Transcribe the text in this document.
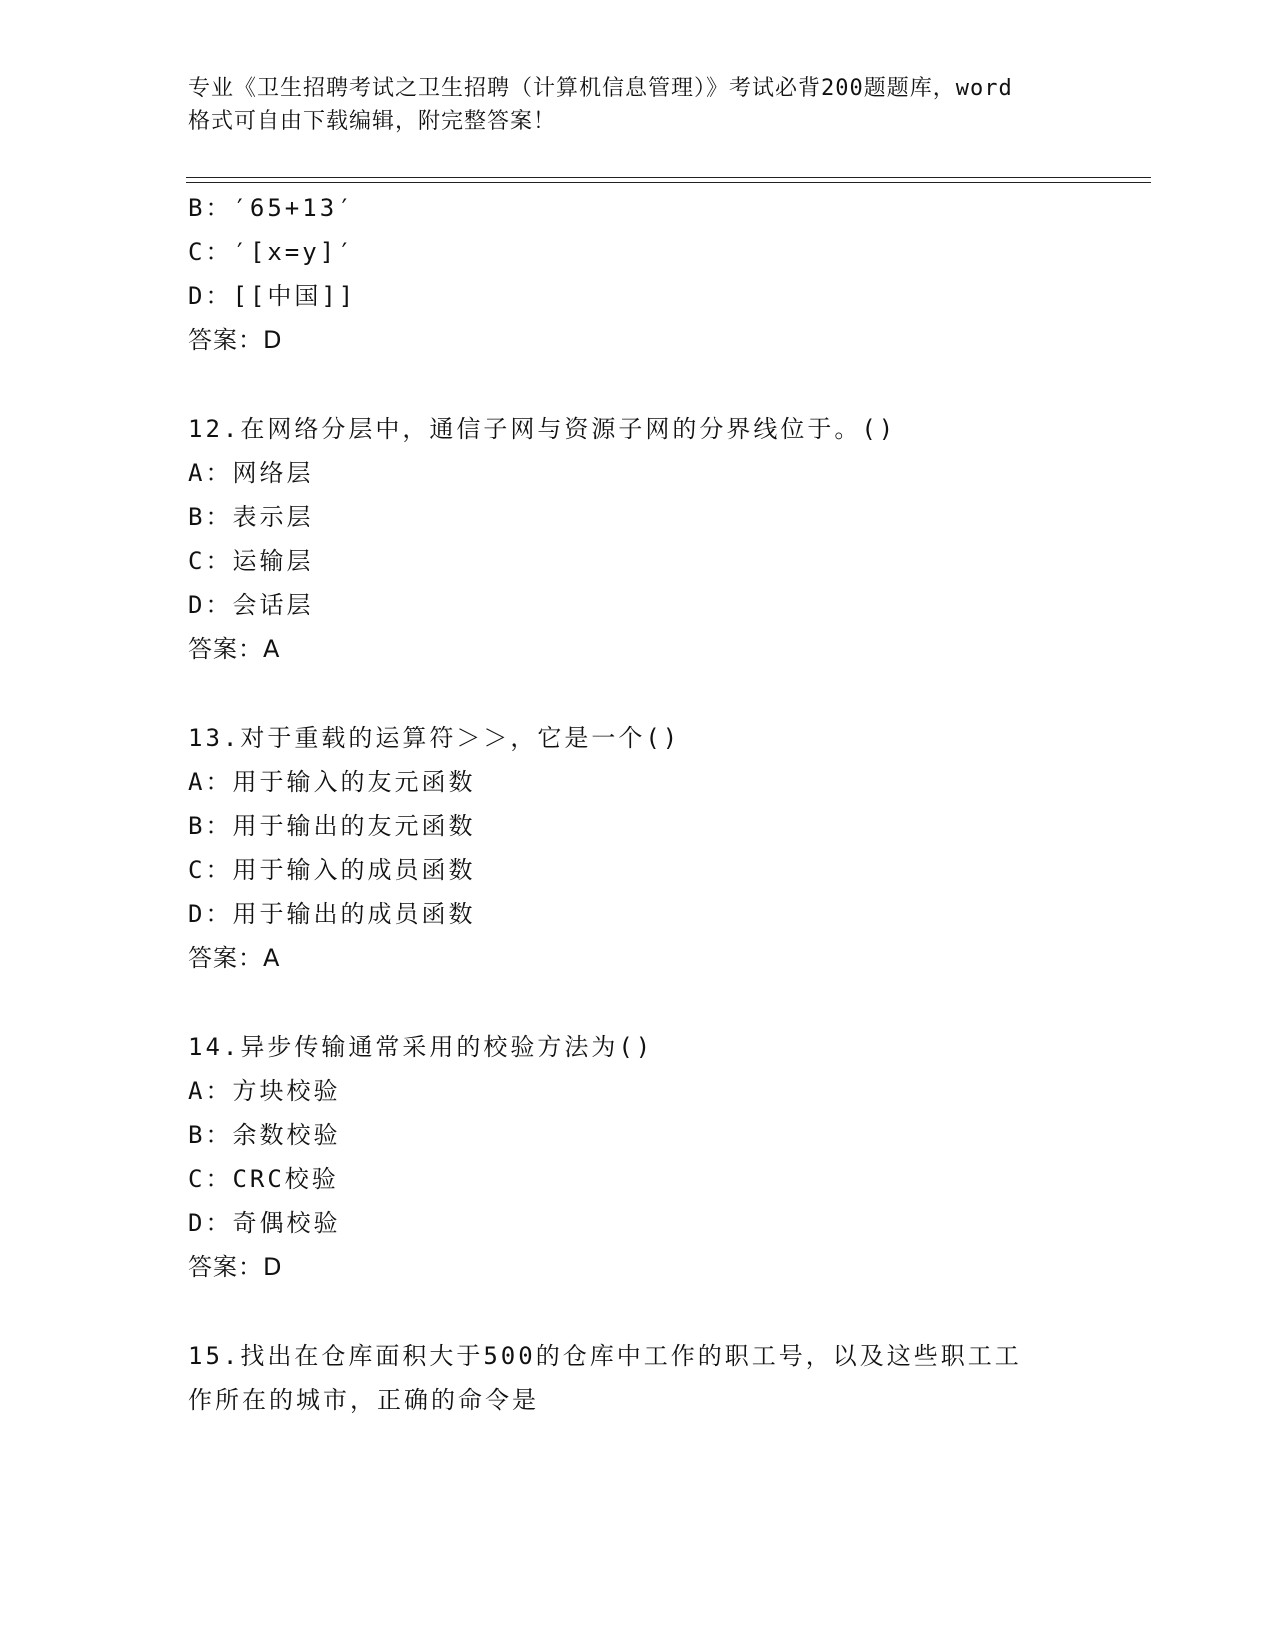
专业《卫生招聘考试之卫生招聘（计算机信息管理）》考试必背200题题库，word
格式可自由下载编辑，附完整答案！
B：′65+13′
C：′[x=y]′
D：[[中国]]
答案：D
12.在网络分层中，通信子网与资源子网的分界线位于。()
A：网络层
B：表示层
C：运输层
D：会话层
答案：A
13.对于重载的运算符＞＞，它是一个()
A：用于输入的友元函数
B：用于输出的友元函数
C：用于输入的成员函数
D：用于输出的成员函数
答案：A
14.异步传输通常采用的校验方法为()
A：方块校验
B：余数校验
C：CRC校验
D：奇偶校验
答案：D
15.找出在仓库面积大于500的仓库中工作的职工号，以及这些职工工
作所在的城市，正确的命令是
